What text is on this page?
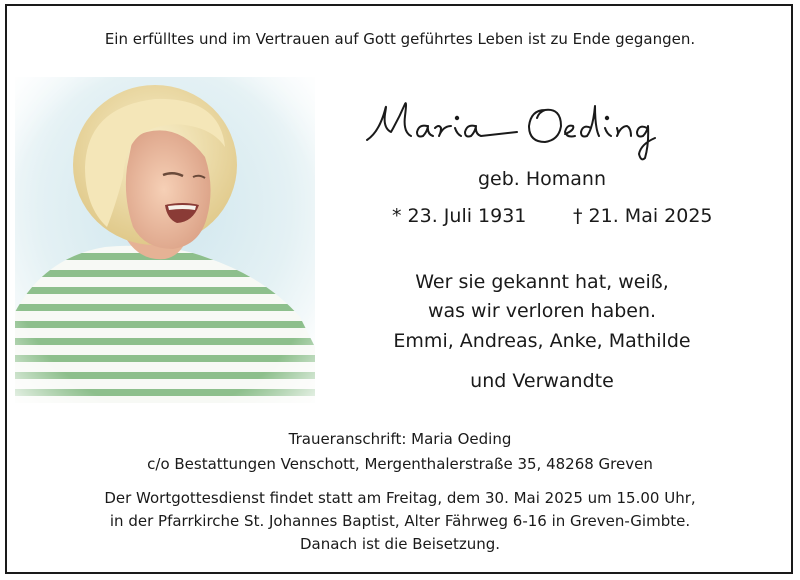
Ein erfülltes und im Vertrauen auf Gott geführtes Leben ist zu Ende gegangen.
geb. Homann
* 23. Juli 1931 † 21. Mai 2025
Wer sie gekannt hat, weiß,
was wir verloren haben.
Emmi, Andreas, Anke, Mathilde
und Verwandte
Traueranschrift: Maria Oeding
c/o Bestattungen Venschott, Mergenthalerstraße 35, 48268 Greven
Der Wortgottesdienst findet statt am Freitag, dem 30. Mai 2025 um 15.00 Uhr,
in der Pfarrkirche St. Johannes Baptist, Alter Fährweg 6-16 in Greven-Gimbte.
Danach ist die Beisetzung.
